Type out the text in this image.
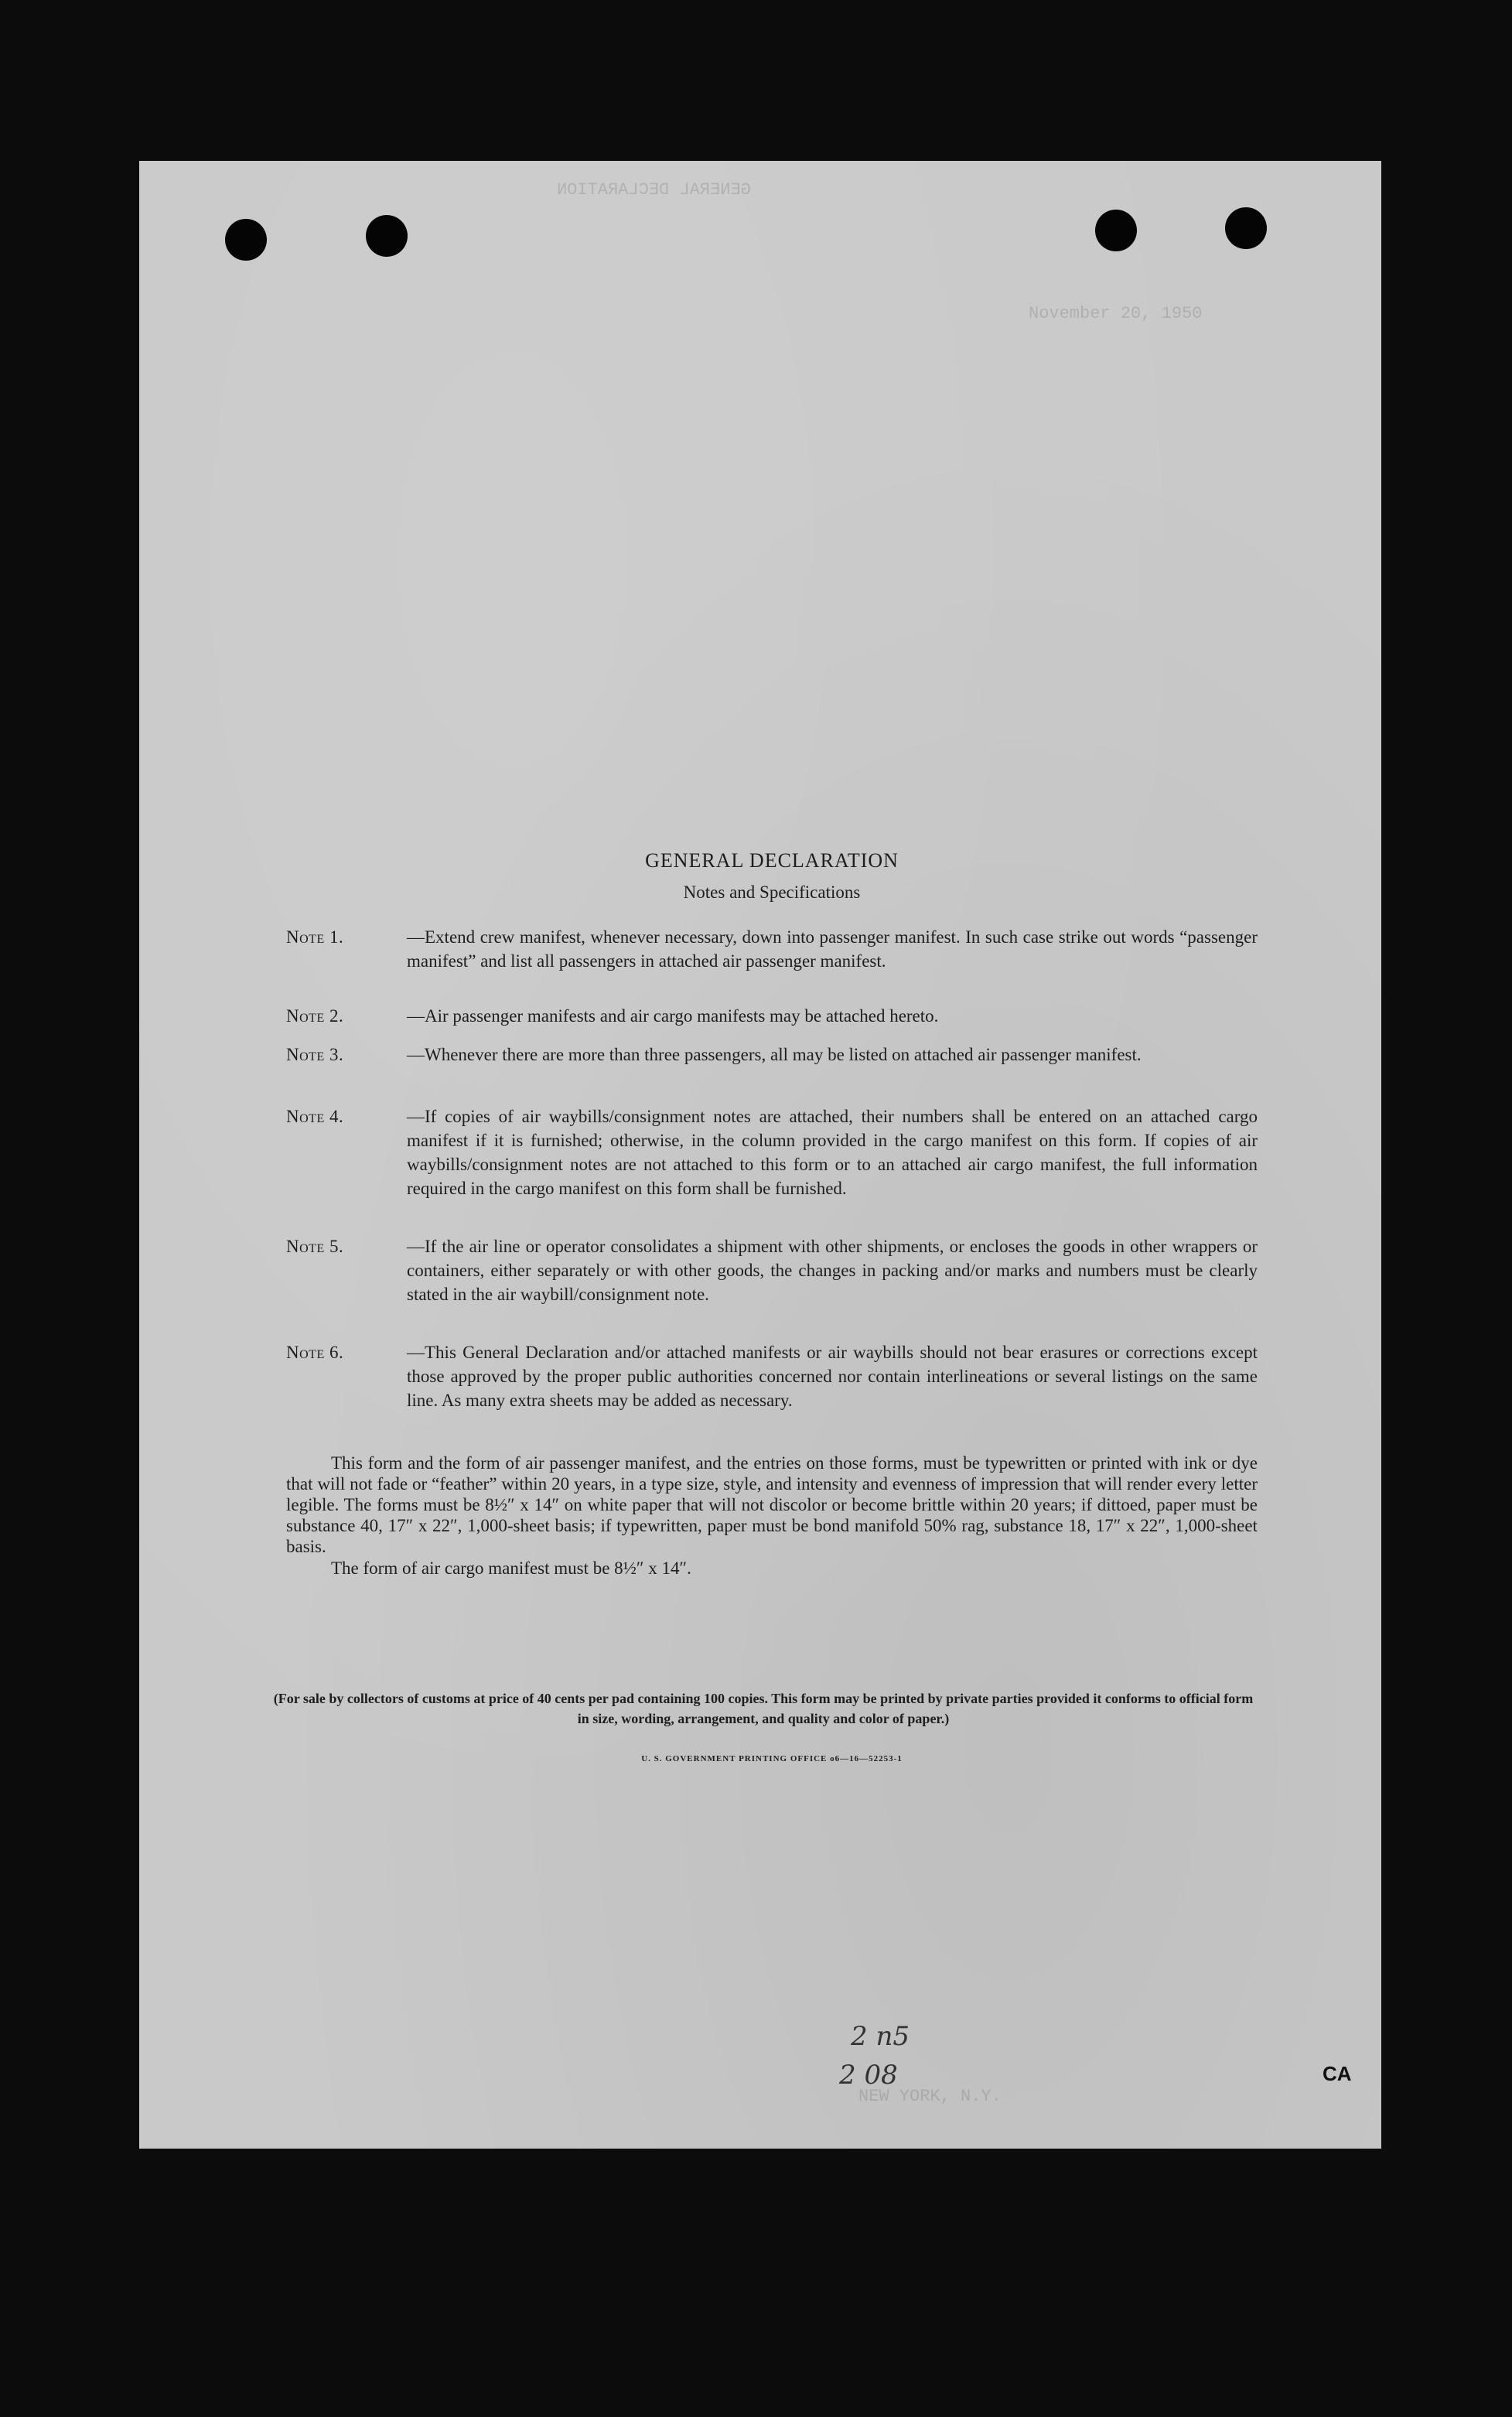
GENERAL DECLARATION
November 20, 1950
NEW YORK, N.Y.
GENERAL DECLARATION
Notes and Specifications
Note 1.	—Extend crew manifest, whenever necessary, down into passenger manifest. In such case strike out words “passenger manifest” and list all passengers in attached air passenger manifest.
Note 2.	—Air passenger manifests and air cargo manifests may be attached hereto.
Note 3.	—Whenever there are more than three passengers, all may be listed on attached air passenger manifest.
Note 4.	—If copies of air waybills/consignment notes are attached, their numbers shall be entered on an attached cargo manifest if it is furnished; otherwise, in the column provided in the cargo manifest on this form. If copies of air waybills/consignment notes are not attached to this form or to an attached air cargo manifest, the full information required in the cargo manifest on this form shall be furnished.
Note 5.	—If the air line or operator consolidates a shipment with other shipments, or encloses the goods in other wrappers or containers, either separately or with other goods, the changes in packing and/or marks and numbers must be clearly stated in the air waybill/consignment note.
Note 6.	—This General Declaration and/or attached manifests or air waybills should not bear erasures or corrections except those approved by the proper public authorities concerned nor contain interlineations or several listings on the same line. As many extra sheets may be added as necessary.
This form and the form of air passenger manifest, and the entries on those forms, must be typewritten or printed with ink or dye that will not fade or “feather” within 20 years, in a type size, style, and intensity and evenness of impression that will render every letter legible. The forms must be 8½″ x 14″ on white paper that will not discolor or become brittle within 20 years; if dittoed, paper must be substance 40, 17″ x 22″, 1,000-sheet basis; if typewritten, paper must be bond manifold 50% rag, substance 18, 17″ x 22″, 1,000-sheet basis.
The form of air cargo manifest must be 8½″ x 14″.
(For sale by collectors of customs at price of 40 cents per pad containing 100 copies. This form may be printed by private parties provided it conforms to official form in size, wording, arrangement, and quality and color of paper.)
U. S. GOVERNMENT PRINTING OFFICE o6—16—52253-1
2 n5
2 08	CA
